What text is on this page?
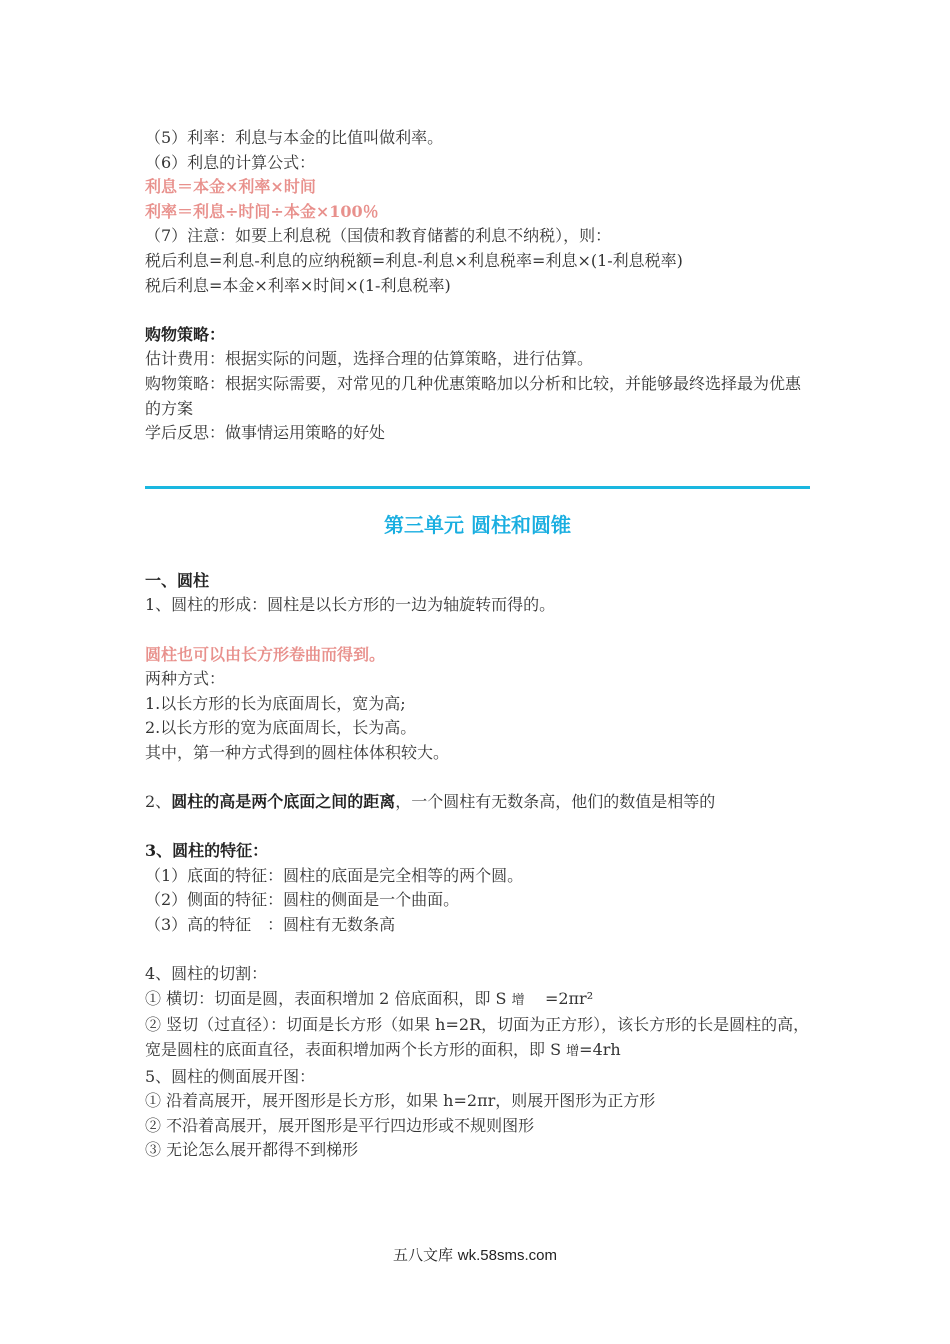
（5）利率：利息与本金的比值叫做利率。
（6）利息的计算公式：
利息＝本金×利率×时间
利率＝利息÷时间÷本金×100％
（7）注意：如要上利息税（国债和教育储蓄的利息不纳税），则：
税后利息=利息-利息的应纳税额=利息-利息×利息税率=利息×(1-利息税率)
税后利息=本金×利率×时间×(1-利息税率)
购物策略：
估计费用：根据实际的问题，选择合理的估算策略，进行估算。
购物策略：根据实际需要，对常见的几种优惠策略加以分析和比较，并能够最终选择最为优惠的方案
学后反思：做事情运用策略的好处
第三单元 圆柱和圆锥
一、圆柱
1、圆柱的形成：圆柱是以长方形的一边为轴旋转而得的。
圆柱也可以由长方形卷曲而得到。
两种方式：
1.以长方形的长为底面周长，宽为高;
2.以长方形的宽为底面周长，长为高。
其中，第一种方式得到的圆柱体体积较大。
2、圆柱的高是两个底面之间的距离，一个圆柱有无数条高，他们的数值是相等的
3、圆柱的特征：
（1）底面的特征：圆柱的底面是完全相等的两个圆。
（2）侧面的特征：圆柱的侧面是一个曲面。
（3）高的特征　：圆柱有无数条高
4、圆柱的切割：
① 横切：切面是圆，表面积增加 2 倍底面积，即 S 增 =2πr²
② 竖切（过直径）：切面是长方形（如果 h=2R，切面为正方形），该长方形的长是圆柱的高，宽是圆柱的底面直径，表面积增加两个长方形的面积，即 S 增=4rh
5、圆柱的侧面展开图：
① 沿着高展开，展开图形是长方形，如果 h=2πr，则展开图形为正方形
② 不沿着高展开，展开图形是平行四边形或不规则图形
③ 无论怎么展开都得不到梯形
五八文库 wk.58sms.com
